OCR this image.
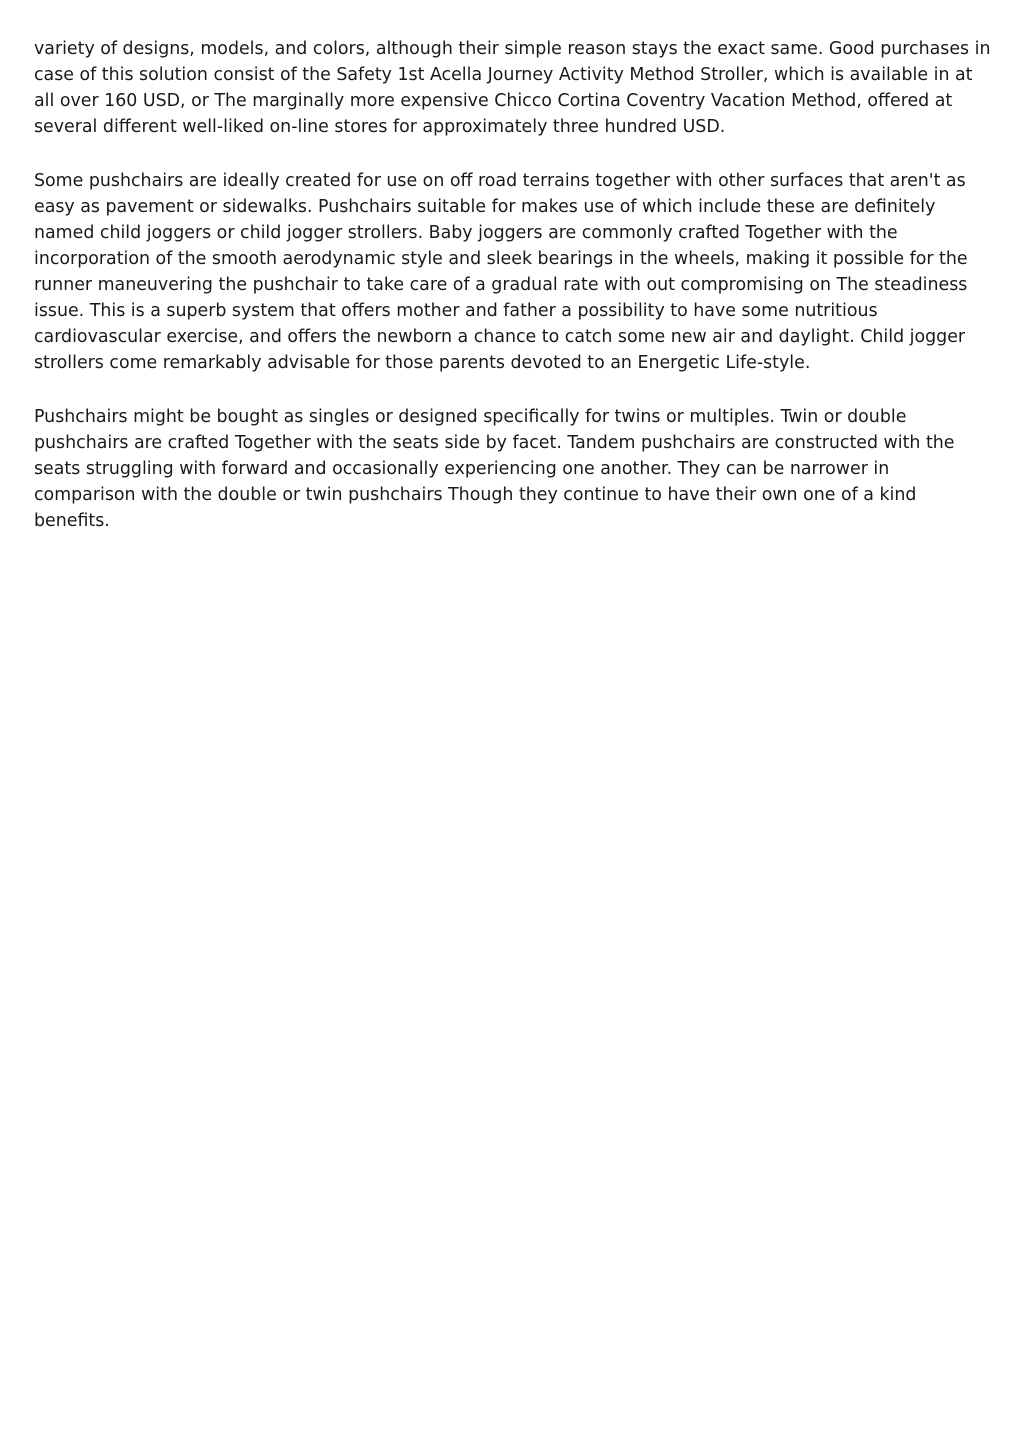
variety of designs, models, and colors, although their simple reason stays the exact same. Good purchases in case of this solution consist of the Safety 1st Acella Journey Activity Method Stroller, which is available in at all over 160 USD, or The marginally more expensive Chicco Cortina Coventry Vacation Method, offered at several different well-liked on-line stores for approximately three hundred USD.

Some pushchairs are ideally created for use on off road terrains together with other surfaces that aren't as easy as pavement or sidewalks. Pushchairs suitable for makes use of which include these are definitely named child joggers or child jogger strollers. Baby joggers are commonly crafted Together with the incorporation of the smooth aerodynamic style and sleek bearings in the wheels, making it possible for the runner maneuvering the pushchair to take care of a gradual rate with out compromising on The steadiness issue. This is a superb system that offers mother and father a possibility to have some nutritious cardiovascular exercise, and offers the newborn a chance to catch some new air and daylight. Child jogger strollers come remarkably advisable for those parents devoted to an Energetic Life-style.

Pushchairs might be bought as singles or designed specifically for twins or multiples. Twin or double pushchairs are crafted Together with the seats side by facet. Tandem pushchairs are constructed with the seats struggling with forward and occasionally experiencing one another. They can be narrower in comparison with the double or twin pushchairs Though they continue to have their own one of a kind benefits.
